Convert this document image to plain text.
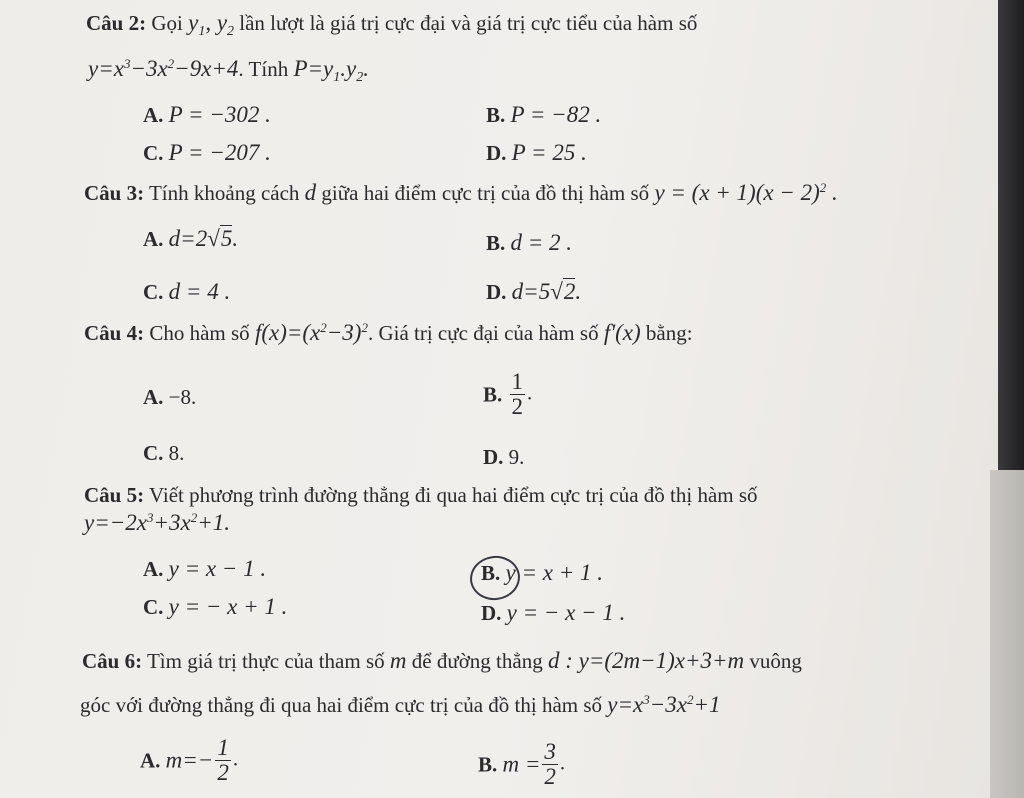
Câu 2: Gọi $y_1$, $y_2$ lần lượt là giá trị cực đại và giá trị cực tiểu của hàm số
$y=x^3-3x^2-9x+4$. Tính $P=y_1.y_2$.
A. P = −302 .	B. P = −82 .
C. P = −207 .	D. P = 25 .
Câu 3: Tính khoảng cách d giữa hai điểm cực trị của đồ thị hàm số $y = (x + 1)(x - 2)^2$ .
A. d=2√5.	B. d = 2 .
C. d = 4 .	D. d=5√2.
Câu 4: Cho hàm số $f(x)=(x^2-3)^2$. Giá trị cực đại của hàm số f'(x) bằng:
A. −8.	B. $\frac{1}{2}$ .
C. 8.	D. 9.
Câu 5: Viết phương trình đường thẳng đi qua hai điểm cực trị của đồ thị hàm số
$y=-2x^3+3x^2+1$.
A. y = x − 1 .	B. y = x + 1 .
C. y = − x + 1 .	D. y = − x − 1 .
Câu 6: Tìm giá trị thực của tham số m để đường thẳng d : y=(2m−1)x+3+m vuông
góc với đường thẳng đi qua hai điểm cực trị của đồ thị hàm số $y=x^3-3x^2+1$
A. $m=- \frac{1}{2}$ .	B. $m = \frac{3}{2}$ .
